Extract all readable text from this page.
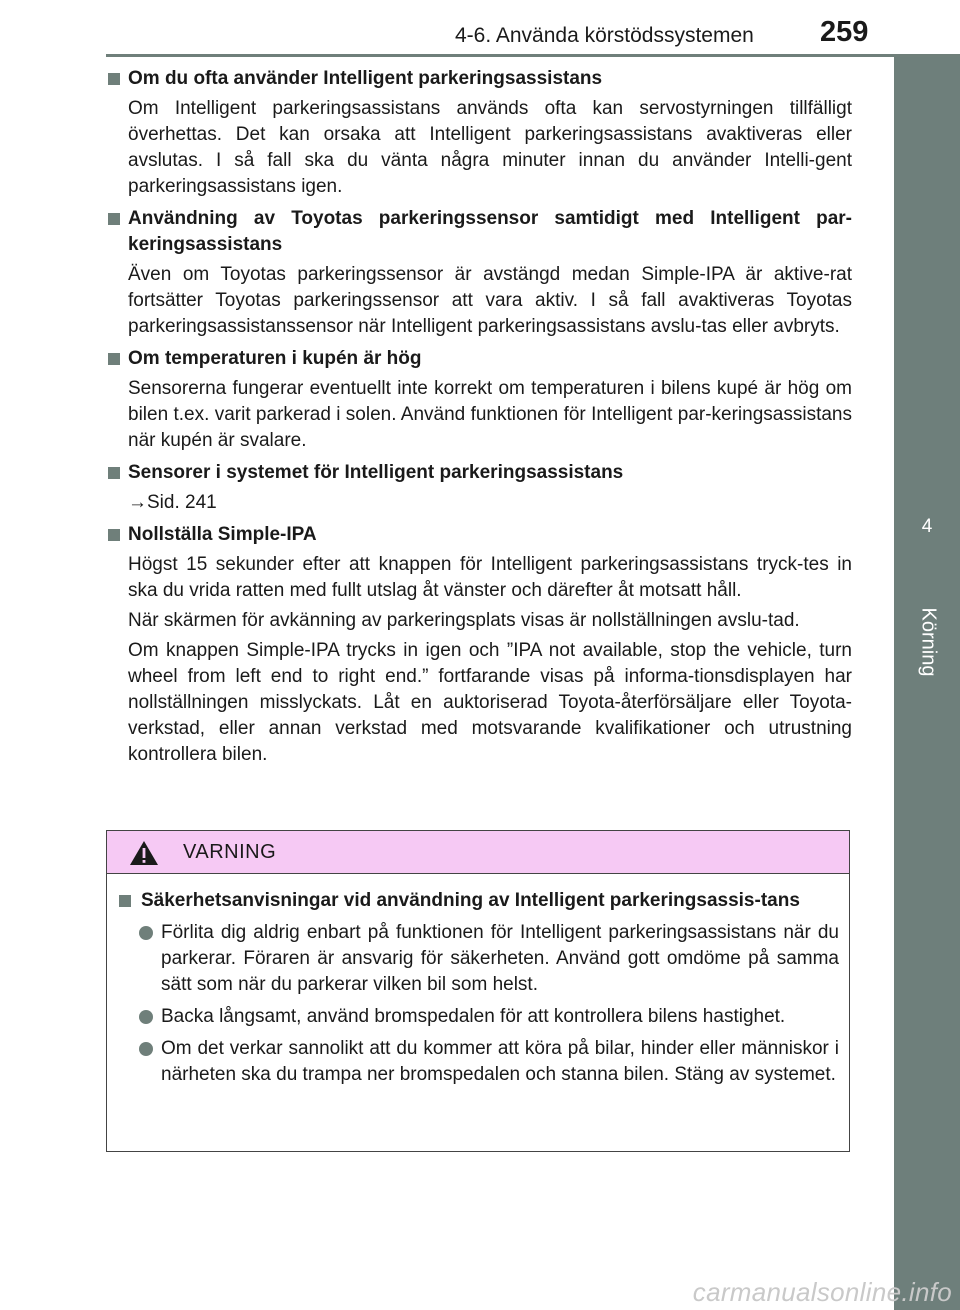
4-6. Använda körstödssystemen 259
4
Körning
Om du ofta använder Intelligent parkeringsassistans

Om Intelligent parkeringsassistans används ofta kan servostyrningen tillfälligt överhettas. Det kan orsaka att Intelligent parkeringsassistans avaktiveras eller avslutas. I så fall ska du vänta några minuter innan du använder Intelli-gent parkeringsassistans igen.

Användning av Toyotas parkeringssensor samtidigt med Intelligent par-keringsassistans

Även om Toyotas parkeringssensor är avstängd medan Simple-IPA är aktive-rat fortsätter Toyotas parkeringssensor att vara aktiv. I så fall avaktiveras Toyotas parkeringsassistanssensor när Intelligent parkeringsassistans avslu-tas eller avbryts.

Om temperaturen i kupén är hög

Sensorerna fungerar eventuellt inte korrekt om temperaturen i bilens kupé är hög om bilen t.ex. varit parkerad i solen. Använd funktionen för Intelligent par-keringsassistans när kupén är svalare.

Sensorer i systemet för Intelligent parkeringsassistans

→Sid. 241

Nollställa Simple-IPA

Högst 15 sekunder efter att knappen för Intelligent parkeringsassistans tryck-tes in ska du vrida ratten med fullt utslag åt vänster och därefter åt motsatt håll.

När skärmen för avkänning av parkeringsplats visas är nollställningen avslu-tad.

Om knappen Simple-IPA trycks in igen och ”IPA not available, stop the vehicle, turn wheel from left end to right end.” fortfarande visas på informa-tionsdisplayen har nollställningen misslyckats. Låt en auktoriserad Toyota-återförsäljare eller Toyota-verkstad, eller annan verkstad med motsvarande kvalifikationer och utrustning kontrollera bilen.

VARNING
Säkerhetsanvisningar vid användning av Intelligent parkeringsassis-tans
Förlita dig aldrig enbart på funktionen för Intelligent parkeringsassistans när du parkerar. Föraren är ansvarig för säkerheten. Använd gott omdöme på samma sätt som när du parkerar vilken bil som helst.
Backa långsamt, använd bromspedalen för att kontrollera bilens hastighet.
Om det verkar sannolikt att du kommer att köra på bilar, hinder eller människor i närheten ska du trampa ner bromspedalen och stanna bilen. Stäng av systemet.
carmanualsonline.info
